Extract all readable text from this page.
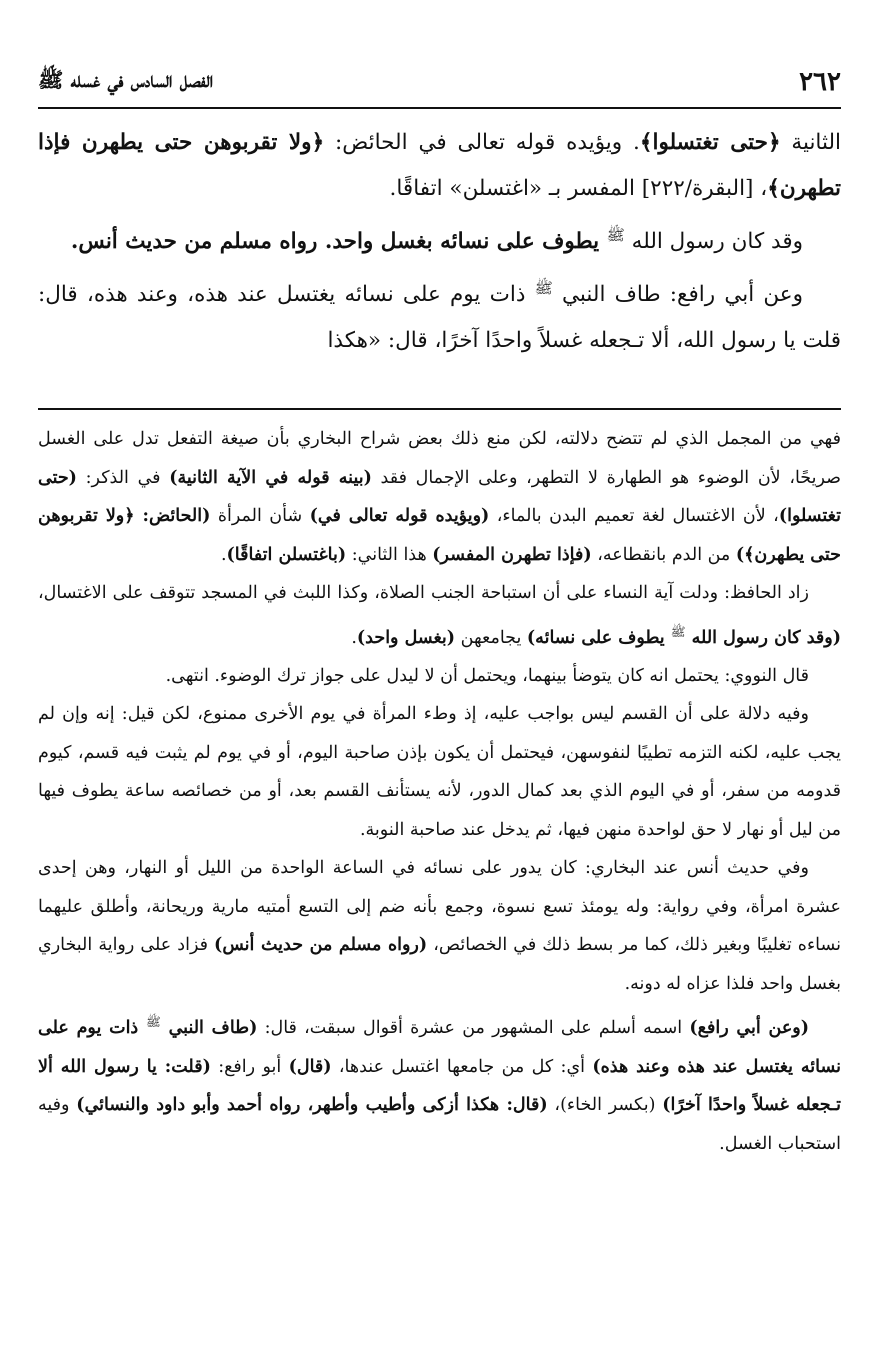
٢٦٢
الفصل السادس في غسله ﷺ

الثانية ﴿حتى تغتسلوا﴾. ويؤيده قوله تعالى في الحائض: ﴿ولا تقربوهن حتى يطهرن فإذا تطهرن﴾، [البقرة/٢٢٢] المفسر بـ «اغتسلن» اتفاقًا.

وقد كان رسول الله $^ﷺ$ يطوف على نسائه بغسل واحد. رواه مسلم من حديث أنس.

وعن أبي رافع: طاف النبي $^ﷺ$ ذات يوم على نسائه يغتسل عند هذه، وعند هذه، قال: قلت يا رسول الله، ألا تـجعله غسلاً واحدًا آخرًا، قال: «هكذا

فهي من المجمل الذي لم تتضح دلالته، لكن منع ذلك بعض شراح البخاري بأن صيغة التفعل تدل على الغسل صريحًا، لأن الوضوء هو الطهارة لا التطهر، وعلى الإجمال فقد (بينه قوله في الآية الثانية) في الذكر: (حتى تغتسلوا)، لأن الاغتسال لغة تعميم البدن بالماء، (ويؤيده قوله تعالى في) شأن المرأة (الحائض: ﴿ولا تقربوهن حتى يطهرن﴾) من الدم بانقطاعه، (فإذا تطهرن المفسر) هذا الثاني: (باغتسلن اتفاقًا).

زاد الحافظ: ودلت آية النساء على أن استباحة الجنب الصلاة، وكذا اللبث في المسجد تتوقف على الاغتسال، (وقد كان رسول الله $^ﷺ$ يطوف على نسائه) يجامعهن (بغسل واحد).

قال النووي: يحتمل انه كان يتوضأ بينهما، ويحتمل أن لا ليدل على جواز ترك الوضوء. انتهى.

وفيه دلالة على أن القسم ليس بواجب عليه، إذ وطء المرأة في يوم الأخرى ممنوع، لكن قيل: إنه وإن لم يجب عليه، لكنه التزمه تطيبًا لنفوسهن، فيحتمل أن يكون بإذن صاحبة اليوم، أو في يوم لم يثبت فيه قسم، كيوم قدومه من سفر، أو في اليوم الذي بعد كمال الدور، لأنه يستأنف القسم بعد، أو من خصائصه ساعة يطوف فيها من ليل أو نهار لا حق لواحدة منهن فيها، ثم يدخل عند صاحبة النوبة.

وفي حديث أنس عند البخاري: كان يدور على نسائه في الساعة الواحدة من الليل أو النهار، وهن إحدى عشرة امرأة، وفي رواية: وله يومئذ تسع نسوة، وجمع بأنه ضم إلى التسع أمتيه مارية وريحانة، وأطلق عليهما نساءه تغليبًا وبغير ذلك، كما مر بسط ذلك في الخصائص، (رواه مسلم من حديث أنس) فزاد على رواية البخاري بغسل واحد فلذا عزاه له دونه.

(وعن أبي رافع) اسمه أسلم على المشهور من عشرة أقوال سبقت، قال: (طاف النبي $^ﷺ$ ذات يوم على نسائه يغتسل عند هذه وعند هذه) أي: كل من جامعها اغتسل عندها، (قال) أبو رافع: (قلت: يا رسول الله ألا تـجعله غسلاً واحدًا آخرًا) (بكسر الخاء)، (قال: هكذا أزكى وأطيب وأطهر، رواه أحمد وأبو داود والنسائي) وفيه استحباب الغسل.
